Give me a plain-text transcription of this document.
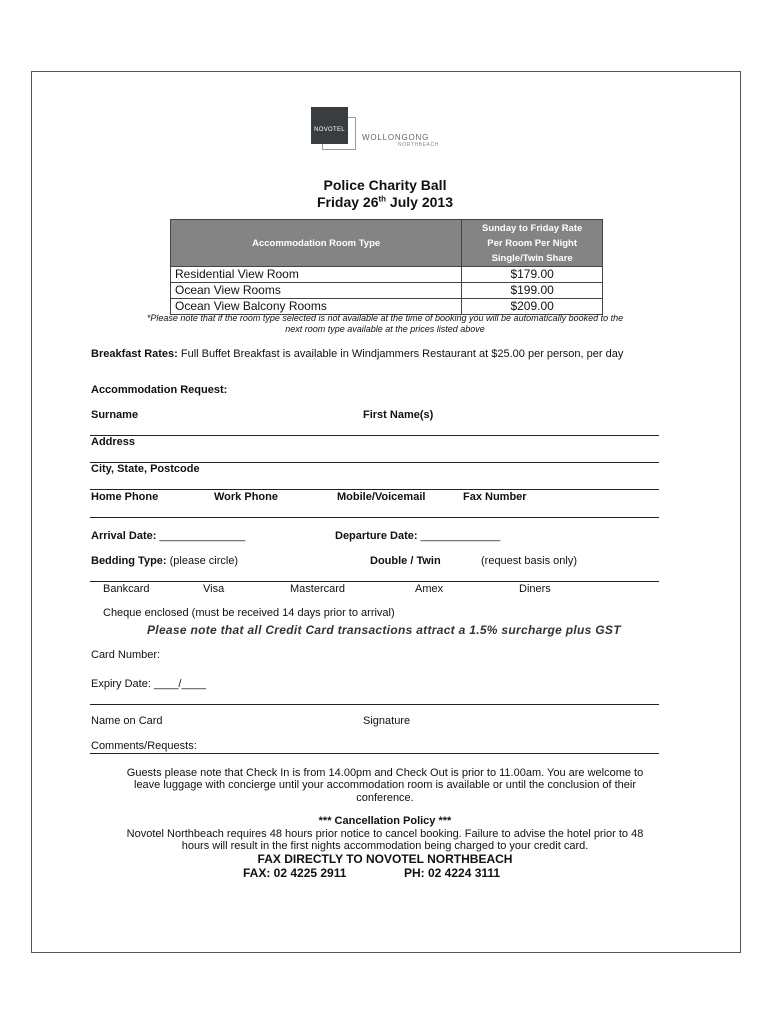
NOVOTEL
WOLLONGONG
NORTHBEACH
Police Charity Ball
Friday 26th July 2013
Accommodation Room Type	Sunday to Friday Rate
Per Room Per Night
Single/Twin Share

Residential View Room	$179.00
Ocean View Rooms	$199.00
Ocean View Balcony Rooms	$209.00
*Please note that if the room type selected is not available at the time of booking you will be automatically booked to the
next room type available at the prices listed above
Breakfast Rates: Full Buffet Breakfast is available in Windjammers Restaurant at $25.00 per person, per day
Accommodation Request:
Surname	First Name(s)
Address
City, State, Postcode
Home Phone	Work Phone	Mobile/Voicemail	Fax Number
Arrival Date: ______________	Departure Date: _____________
Bedding Type: (please circle)	Double / Twin	(request basis only)
Bankcard	Visa	Mastercard	Amex	Diners
Cheque enclosed (must be received 14 days prior to arrival)
Please note that all Credit Card transactions attract a 1.5% surcharge plus GST
Card Number:
Expiry Date: ____/____
Name on Card	Signature
Comments/Requests:
Guests please note that Check In is from 14.00pm and Check Out is prior to 11.00am. You are welcome to
leave luggage with concierge until your accommodation room is available or until the conclusion of their
conference.
*** Cancellation Policy ***
Novotel Northbeach requires 48 hours prior notice to cancel booking. Failure to advise the hotel prior to 48
hours will result in the first nights accommodation being charged to your credit card.
FAX DIRECTLY TO NOVOTEL NORTHBEACH
FAX: 02 4225 2911	PH: 02 4224 3111
